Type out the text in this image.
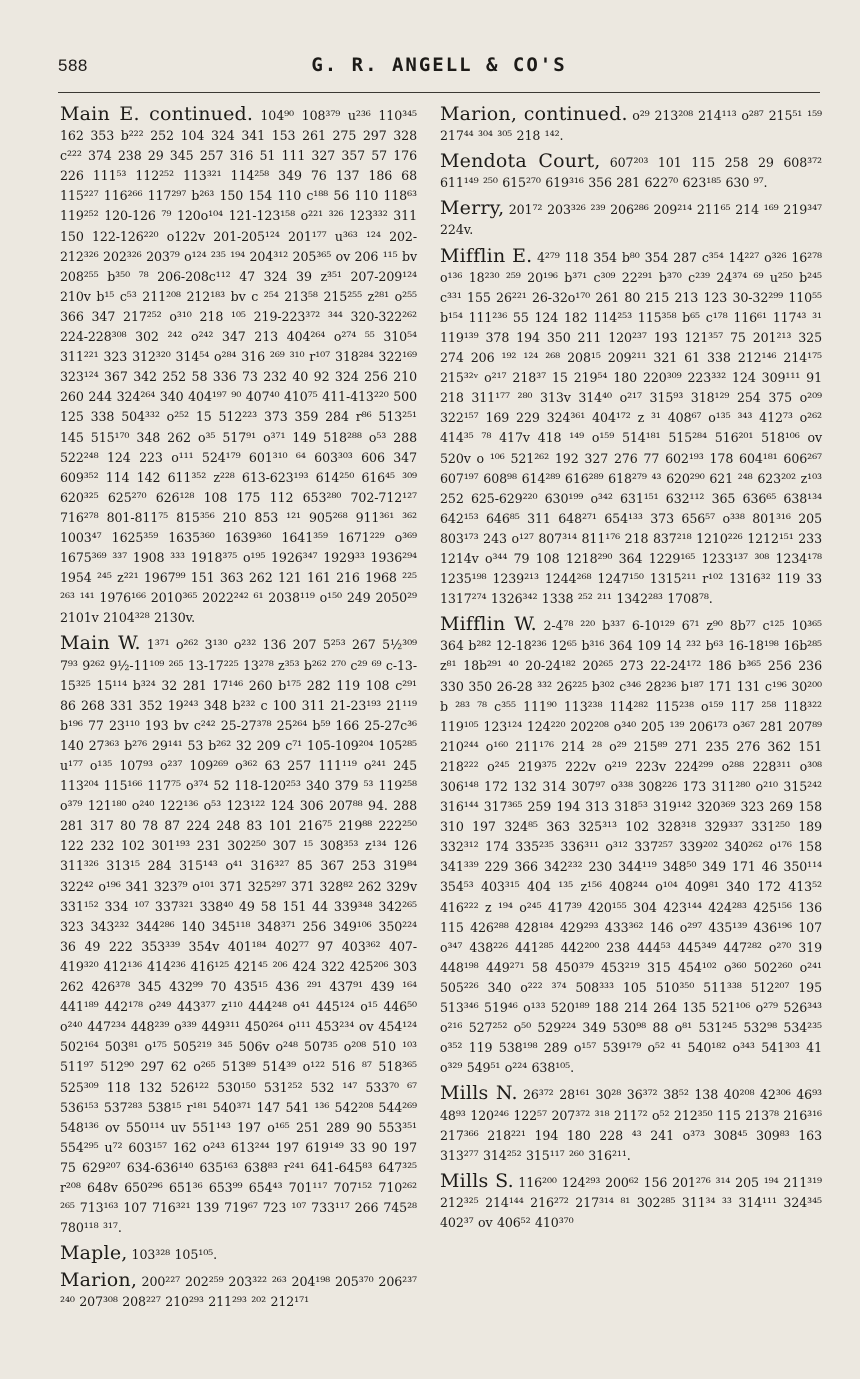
588	G. R. ANGELL & CO'S

Main E. continued. 104⁹⁰ 108³⁷⁹ u²³⁶ 110³⁴⁵ 162 353 b²²² 252 104 324 341 153 261 275 297 328 c²²² 374 238 29 345 257 316 51 111 327 357 57 176 226 111⁵³ 112²⁵² 113³²¹ 114²⁵⁸ 349 76 137 186 68 115²²⁷ 116²⁶⁶ 117²⁹⁷ b²⁶³ 150 154 110 c¹⁸⁸ 56 110 118⁶³ 119²⁵² 120-126 ⁷⁹ 120o¹⁰⁴ 121-123¹⁵⁸ o²²¹ ³²⁶ 123³³² 311 150 122-126²²⁰ o122v 201-205¹²⁴ 201¹⁷⁷ u³⁶³ ¹²⁴ 202-212³²⁶ 202³²⁶ 203⁷⁹ o¹²⁴ ²³⁵ ¹⁹⁴ 204³¹² 205³⁶⁵ ov 206 ¹¹⁵ bv 208²⁵⁵ b³⁵⁰ ⁷⁸ 206-208c¹¹² 47 324 39 z³⁵¹ 207-209¹²⁴ 210v b¹⁵ c⁵³ 211²⁰⁸ 212¹⁸³ bv c ²⁵⁴ 213⁵⁸ 215²⁵⁵ z²⁸¹ o²⁵⁵ 366 347 217²⁵² o³¹⁰ 218 ¹⁰⁵ 219-223³⁷² ³⁴⁴ 320-322²⁶² 224-228³⁰⁸ 302 ²⁴² o²⁴² 347 213 404²⁶⁴ o²⁷⁴ ⁵⁵ 310⁵⁴ 311²²¹ 323 312³²⁰ 314⁵⁴ o²⁸⁴ 316 ²⁶⁹ ³¹⁰ r¹⁰⁷ 318²⁸⁴ 322¹⁶⁹ 323¹²⁴ 367 342 252 58 336 73 232 40 92 324 256 210 260 244 324²⁶⁴ 340 404¹⁹⁷ ⁹⁰ 407⁴⁰ 410⁷⁵ 411-413²²⁰ 500 125 338 504³³² o²⁵² 15 512²²³ 373 359 284 r⁸⁶ 513²⁵¹ 145 515¹⁷⁰ 348 262 o³⁵ 517⁹¹ o³⁷¹ 149 518²⁸⁸ o⁵³ 288 522²⁴⁸ 124 223 o¹¹¹ 524¹⁷⁹ 601³¹⁰ ⁶⁴ 603³⁰³ 606 347 609³⁵² 114 142 611³⁵² z²²⁸ 613-623¹⁹³ 614²⁵⁰ 616⁴⁵ ³⁰⁹ 620³²⁵ 625²⁷⁰ 626¹²⁸ 108 175 112 653²⁸⁰ 702-712¹²⁷ 716²⁷⁸ 801-811⁷⁵ 815³⁵⁶ 210 853 ¹²¹ 905²⁶⁸ 911³⁶¹ ³⁶² 1003⁴⁷ 1625³⁵⁹ 1635³⁶⁰ 1639³⁶⁰ 1641³⁵⁹ 1671²²⁹ o³⁶⁹ 1675³⁶⁹ ³³⁷ 1908 ³³³ 1918³⁷⁵ o¹⁹⁵ 1926³⁴⁷ 1929³³ 1936²⁹⁴ 1954 ²⁴⁵ z²²¹ 1967⁹⁹ 151 363 262 121 161 216 1968 ²²⁵ ²⁶³ ¹⁴¹ 1976¹⁶⁶ 2010³⁶⁵ 2022²⁴² ⁶¹ 2038¹¹⁹ o¹⁵⁰ 249 2050²⁹ 2101v 2104³²⁸ 2130v.

Main W. 1³⁷¹ o²⁶² 3¹³⁰ o²³² 136 207 5²⁵³ 267 5½³⁰⁹ 7⁹³ 9²⁶² 9½-11¹⁰⁹ ²⁶⁵ 13-17²²⁵ 13²⁷⁸ z³⁵³ b²⁶² ²⁷⁰ c²⁹ ⁶⁹ c-13-15³²⁵ 15¹¹⁴ b³²⁴ 32 281 17¹⁴⁶ 260 b¹⁷⁵ 282 119 108 c²⁹¹ 86 268 331 352 19²⁴³ 348 b²³² c 100 311 21-23¹⁹³ 21¹¹⁹ b¹⁹⁶ 77 23¹¹⁰ 193 bv c²⁴² 25-27³⁷⁸ 25²⁶⁴ b⁵⁹ 166 25-27c³⁶ 140 27³⁶³ b²⁷⁶ 29¹⁴¹ 53 b²⁶² 32 209 c⁷¹ 105-109²⁰⁴ 105²⁸⁵ u¹⁷⁷ o¹³⁵ 107⁹³ o²³⁷ 109²⁶⁹ o³⁶² 63 257 111¹¹⁹ o²⁴¹ 245 113²⁰⁴ 115¹⁶⁶ 117⁷⁵ o³⁷⁴ 52 118-120²⁵³ 340 379 ⁵³ 119²⁵⁸ o³⁷⁹ 121¹⁸⁰ o²⁴⁰ 122¹³⁶ o⁵³ 123¹²² 124 306 207⁸⁸ 94. 288 281 317 80 78 87 224 248 83 101 216⁷⁵ 219⁸⁸ 222²⁵⁰ 122 232 102 301¹⁹³ 231 302²⁵⁰ 307 ¹⁵ 308³⁵³ z¹³⁴ 126 311³²⁶ 313¹⁵ 284 315¹⁴³ o⁴¹ 316³²⁷ 85 367 253 319⁸⁴ 322⁴² o¹⁹⁶ 341 323⁷⁹ o¹⁰¹ 371 325²⁹⁷ 371 328⁸² 262 329v 331¹⁵² 334 ¹⁰⁷ 337³²¹ 338⁴⁰ 49 58 151 44 339³⁴⁸ 342²⁶⁵ 323 343²³² 344²⁸⁶ 140 345¹¹⁸ 348³⁷¹ 256 349¹⁰⁶ 350²²⁴ 36 49 222 353³³⁹ 354v 401¹⁸⁴ 402⁷⁷ 97 403³⁶² 407-419³²⁰ 412¹³⁶ 414²³⁶ 416¹²⁵ 421⁴⁵ ²⁰⁶ 424 322 425²⁰⁶ 303 262 426³⁷⁸ 345 432⁹⁹ 70 435¹⁵ 436 ²⁹¹ 437⁹¹ 439 ¹⁶⁴ 441¹⁸⁹ 442¹⁷⁸ o²⁴⁹ 443³⁷⁷ z¹¹⁰ 444²⁴⁸ o⁴¹ 445¹²⁴ o¹⁵ 446⁵⁰ o²⁴⁰ 447²³⁴ 448²³⁹ o³³⁹ 449³¹¹ 450²⁶⁴ o¹¹¹ 453²³⁴ ov 454¹²⁴ 502¹⁶⁴ 503⁸¹ o¹⁷⁵ 505²¹⁹ ³⁴⁵ 506v o²⁴⁸ 507³⁵ o²⁰⁸ 510 ¹⁰³ 511⁹⁷ 512⁹⁰ 297 62 o²⁶⁵ 513⁸⁹ 514³⁹ o¹²² 516 ⁸⁷ 518³⁶⁵ 525³⁰⁹ 118 132 526¹²² 530¹⁵⁰ 531²⁵² 532 ¹⁴⁷ 533⁷⁰ ⁶⁷ 536¹⁵³ 537²⁸³ 538¹⁵ r¹⁸¹ 540³⁷¹ 147 541 ¹³⁶ 542²⁰⁸ 544²⁶⁹ 548¹³⁶ ov 550¹¹⁴ uv 551¹⁴³ 197 o¹⁶⁵ 251 289 90 553³⁵¹ 554²⁹⁵ u⁷² 603¹⁵⁷ 162 o²⁴³ 613²⁴⁴ 197 619¹⁴⁹ 33 90 197 75 629²⁰⁷ 634-636¹⁴⁰ 635¹⁶³ 638⁸³ r²⁴¹ 641-645⁸³ 647³²⁵ r²⁰⁸ 648v 650²⁹⁶ 651³⁶ 653⁹⁹ 654⁴³ 701¹¹⁷ 707¹⁵² 710²⁶² ²⁶⁵ 713¹⁶³ 107 716³²¹ 139 719⁶⁷ 723 ¹⁰⁷ 733¹¹⁷ 266 745²⁸ 780¹¹⁸ ³¹⁷.

Maple, 103³²⁸ 105¹⁰⁵.

Marion, 200²²⁷ 202²⁵⁹ 203³²² ²⁶³ 204¹⁹⁸ 205³⁷⁰ 206²³⁷ ²⁴⁰ 207³⁰⁸ 208²²⁷ 210²⁹³ 211²⁹³ ²⁰² 212¹⁷¹

Marion, continued. o²⁹ 213²⁰⁸ 214¹¹³ o²⁸⁷ 215⁵¹ ¹⁵⁹ 217⁴⁴ ³⁰⁴ ³⁰⁵ 218 ¹⁴².

Mendota Court, 607²⁰³ 101 115 258 29 608³⁷² 611¹⁴⁹ ²⁵⁰ 615²⁷⁰ 619³¹⁶ 356 281 622⁷⁰ 623¹⁸⁵ 630 ⁹⁷.

Merry, 201⁷² 203³²⁶ ²³⁹ 206²⁸⁶ 209²¹⁴ 211⁶⁵ 214 ¹⁶⁹ 219³⁴⁷ 224v.

Mifflin E. 4²⁷⁹ 118 354 b⁸⁰ 354 287 c³⁵⁴ 14²²⁷ o³²⁶ 16²⁷⁸ o¹³⁶ 18²³⁰ ²⁵⁹ 20¹⁹⁶ b³⁷¹ c³⁰⁹ 22²⁹¹ b³⁷⁰ c²³⁹ 24³⁷⁴ ⁶⁹ u²⁵⁰ b²⁴⁵ c³³¹ 155 26²²¹ 26-32o¹⁷⁰ 261 80 215 213 123 30-32²⁹⁹ 110⁵⁵ b¹⁵⁴ 111²³⁶ 55 124 182 114²⁵³ 115³⁵⁸ b⁶⁵ c¹⁷⁸ 116⁶¹ 117⁴³ ³¹ 119¹³⁹ 378 194 350 211 120²³⁷ 193 121³⁵⁷ 75 201²¹³ 325 274 206 ¹⁹² ¹²⁴ ²⁶⁸ 208¹⁵ 209²¹¹ 321 61 338 212¹⁴⁶ 214¹⁷⁵ 215³²ᵛ o²¹⁷ 218³⁷ 15 219⁵⁴ 180 220³⁰⁹ 223³³² 124 309¹¹¹ 91 218 311¹⁷⁷ ²⁸⁰ 313v 314⁴⁰ o²¹⁷ 315⁹³ 318¹²⁹ 254 375 o²⁰⁹ 322¹⁵⁷ 169 229 324³⁶¹ 404¹⁷² z ³¹ 408⁶⁷ o¹³⁵ ³⁴³ 412⁷³ o²⁶² 414³⁵ ⁷⁸ 417v 418 ¹⁴⁹ o¹⁵⁹ 514¹⁸¹ 515²⁸⁴ 516²⁰¹ 518¹⁰⁶ ov 520v o ¹⁰⁶ 521²⁶² 192 327 276 77 602¹⁹³ 178 604¹⁸¹ 606²⁶⁷ 607¹⁹⁷ 608⁹⁸ 614²⁸⁹ 616²⁸⁹ 618²⁷⁹ ⁴³ 620²⁹⁰ 621 ²⁴⁸ 623²⁰² z¹⁰³ 252 625-629²²⁰ 630¹⁹⁹ o³⁴² 631¹⁵¹ 632¹¹² 365 636⁶⁵ 638¹³⁴ 642¹⁵³ 646⁸⁵ 311 648²⁷¹ 654¹³³ 373 656⁵⁷ o³³⁸ 801³¹⁶ 205 803¹⁷³ 243 o¹²⁷ 807³¹⁴ 811¹⁷⁶ 218 837²¹⁸ 1210²²⁶ 1212¹⁵¹ 233 1214v o³⁴⁴ 79 108 1218²⁹⁰ 364 1229¹⁶⁵ 1233¹³⁷ ³⁰⁸ 1234¹⁷⁸ 1235¹⁹⁸ 1239²¹³ 1244²⁶⁸ 1247¹⁵⁰ 1315²¹¹ r¹⁰² 1316³² 119 33 1317²⁷⁴ 1326³⁴² 1338 ²⁵² ²¹¹ 1342²⁸³ 1708⁷⁸.

Mifflin W. 2-4⁷⁸ ²²⁰ b³³⁷ 6-10¹²⁹ 6⁷¹ z⁹⁰ 8b⁷⁷ c¹²⁵ 10³⁶⁵ 364 b²⁸² 12-18²³⁶ 12⁶⁵ b³¹⁶ 364 109 14 ²³² b⁶³ 16-18¹⁹⁸ 16b²⁸⁵ z⁸¹ 18b²⁹¹ ⁴⁰ 20-24¹⁸² 20²⁶⁵ 273 22-24¹⁷² 186 b³⁶⁵ 256 236 330 350 26-28 ³³² 26²²⁵ b³⁰² c³⁴⁶ 28²³⁶ b¹⁸⁷ 171 131 c¹⁹⁶ 30²⁰⁰ b ²⁸³ ⁷⁸ c³⁵⁵ 111⁹⁰ 113²³⁸ 114²⁸² 115²³⁸ o¹⁵⁹ 117 ²⁵⁸ 118³²² 119¹⁰⁵ 123¹²⁴ 124²²⁰ 202²⁰⁸ o³⁴⁰ 205 ¹³⁹ 206¹⁷³ o³⁶⁷ 281 207⁸⁹ 210²⁴⁴ o¹⁶⁰ 211¹⁷⁶ 214 ²⁸ o²⁹ 215⁸⁹ 271 235 276 362 151 218²²² o²⁴⁵ 219³⁷⁵ 222v o²¹⁹ 223v 224²⁹⁹ o²⁸⁸ 228³¹¹ o³⁰⁸ 306¹⁴⁸ 172 132 314 307⁹⁷ o³³⁸ 308²²⁶ 173 311²⁸⁰ o²¹⁰ 315²⁴² 316¹⁴⁴ 317³⁶⁵ 259 194 313 318⁵³ 319¹⁴² 320³⁶⁹ 323 269 158 310 197 324⁸⁵ 363 325³¹³ 102 328³¹⁸ 329³³⁷ 331²⁵⁰ 189 332³¹² 174 335²³⁵ 336³¹¹ o³¹² 337²⁵⁷ 339²⁰² 340²⁶² o¹⁷⁶ 158 341³³⁹ 229 366 342²³² 230 344¹¹⁹ 348⁵⁰ 349 171 46 350¹¹⁴ 354⁵³ 403³¹⁵ 404 ¹³⁵ z¹⁵⁶ 408²⁴⁴ o¹⁰⁴ 409⁸¹ 340 172 413⁵² 416²²² z ¹⁹⁴ o²⁴⁵ 417³⁹ 420¹⁵⁵ 304 423¹⁴⁴ 424²⁸³ 425¹⁵⁶ 136 115 426²⁸⁸ 428¹⁸⁴ 429²⁹³ 433³⁶² 146 o²⁹⁷ 435¹³⁹ 436¹⁹⁶ 107 o³⁴⁷ 438²²⁶ 441²⁸⁵ 442²⁰⁰ 238 444⁵³ 445³⁴⁹ 447²⁸² o²⁷⁰ 319 448¹⁹⁸ 449²⁷¹ 58 450³⁷⁹ 453²¹⁹ 315 454¹⁰² o³⁶⁰ 502²⁶⁰ o²⁴¹ 505²²⁶ 340 o²²² ³⁷⁴ 508³³³ 105 510³⁵⁰ 511³³⁸ 512²⁰⁷ 195 513³⁴⁶ 519⁴⁶ o¹³³ 520¹⁸⁹ 188 214 264 135 521¹⁰⁶ o²⁷⁹ 526³⁴³ o²¹⁶ 527²⁵² o⁵⁰ 529²²⁴ 349 530⁹⁸ 88 o⁸¹ 531²⁴⁵ 532⁹⁸ 534²³⁵ o³⁵² 119 538¹⁹⁸ 289 o¹⁵⁷ 539¹⁷⁹ o⁵² ⁴¹ 540¹⁸² o³⁴³ 541³⁰³ 41 o³²⁹ 549⁵¹ o²²⁴ 638¹⁰⁵.

Mills N. 26³⁷² 28¹⁶¹ 30²⁸ 36³⁷² 38⁵² 138 40²⁰⁸ 42³⁰⁶ 46⁹³ 48⁹³ 120²⁴⁶ 122⁵⁷ 207³⁷² ³¹⁸ 211⁷² o⁵² 212³⁵⁰ 115 213⁷⁸ 216³¹⁶ 217³⁶⁶ 218²²¹ 194 180 228 ⁴³ 241 o³⁷³ 308⁴⁵ 309⁸³ 163 313²⁷⁷ 314²⁵² 315¹¹⁷ ²⁶⁰ 316²¹¹.

Mills S. 116²⁰⁰ 124²⁹³ 200⁶² 156 201²⁷⁶ ³¹⁴ 205 ¹⁹⁴ 211³¹⁹ 212³²⁵ 214¹⁴⁴ 216²⁷² 217³¹⁴ ⁸¹ 302²⁸⁵ 311³⁴ ³³ 314¹¹¹ 324³⁴⁵ 402³⁷ ov 406⁵² 410³⁷⁰
